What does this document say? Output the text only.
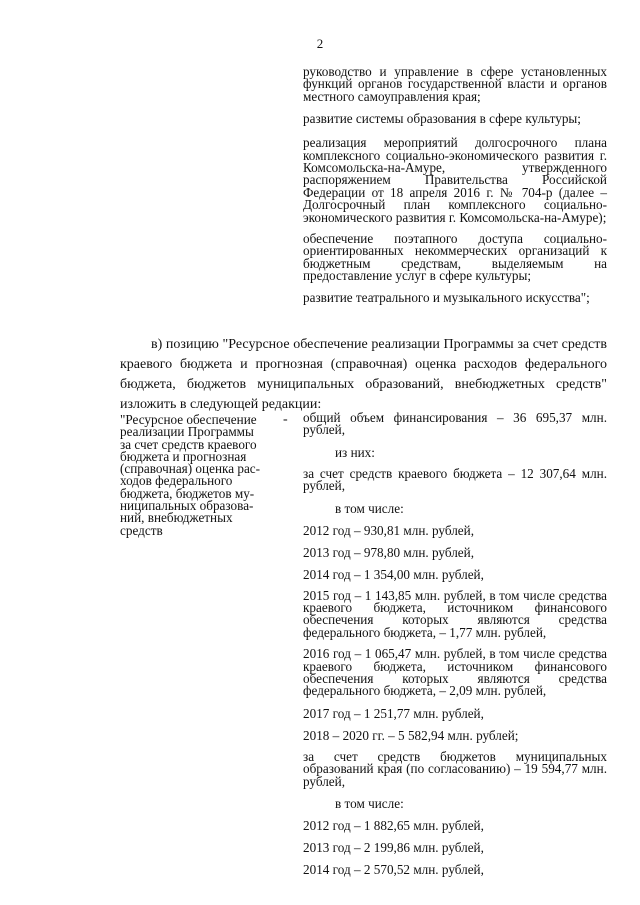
2

руководство и управление в сфере установленных функций органов государственной власти и органов местного самоуправления края;

развитие системы образования в сфере культуры;

реализация мероприятий долгосрочного плана комплексного социально-экономического развития г. Комсомольска-на-Амуре, утвержденного распоряжением Правительства Российской Федерации от 18 апреля 2016 г. № 704-р (далее – Долгосрочный план комплексного социально-экономического развития г. Комсомольска-на-Амуре);

обеспечение поэтапного доступа социально-ориентированных некоммерческих организаций к бюджетным средствам, выделяемым на предоставление услуг в сфере культуры;

развитие театрального и музыкального искусства";

в) позицию "Ресурсное обеспечение реализации Программы за счет средств краевого бюджета и прогнозная (справочная) оценка расходов федерального бюджета, бюджетов муниципальных образований, внебюджетных средств" изложить в следующей редакции:

"Ресурсное обеспечение
реализации Программы
за счет средств краевого
бюджета и прогнозная
(справочная) оценка рас-
ходов федерального
бюджета, бюджетов му-
ниципальных образова-
ний, внебюджетных
средств
- общий объем финансирования – 36 695,37 млн. рублей,

из них:

за счет средств краевого бюджета – 12 307,64 млн. рублей,

в том числе:

2012 год – 930,81 млн. рублей,

2013 год – 978,80 млн. рублей,

2014 год – 1 354,00 млн. рублей,

2015 год – 1 143,85 млн. рублей, в том числе средства краевого бюджета, источником финансового обеспечения которых являются средства федерального бюджета, – 1,77 млн. рублей,

2016 год – 1 065,47 млн. рублей, в том числе средства краевого бюджета, источником финансового обеспечения которых являются средства федерального бюджета, – 2,09 млн. рублей,

2017 год – 1 251,77 млн. рублей,

2018 – 2020 гг. – 5 582,94 млн. рублей;

за счет средств бюджетов муниципальных образований края (по согласованию) – 19 594,77 млн. рублей,

в том числе:

2012 год – 1 882,65 млн. рублей,

2013 год – 2 199,86 млн. рублей,

2014 год – 2 570,52 млн. рублей,
